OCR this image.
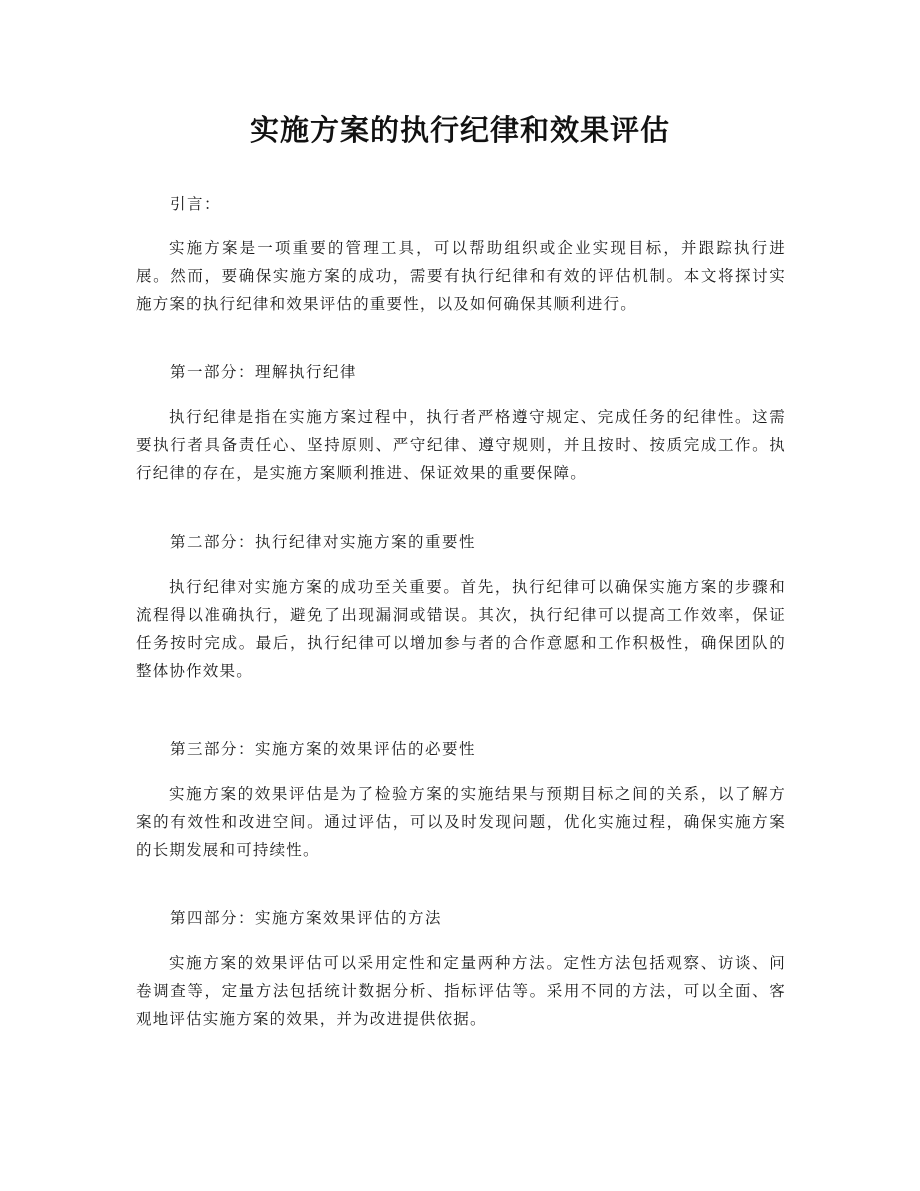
实施方案的执行纪律和效果评估
引言：
实施方案是一项重要的管理工具，可以帮助组织或企业实现目标，并跟踪执行进展。然而，要确保实施方案的成功，需要有执行纪律和有效的评估机制。本文将探讨实施方案的执行纪律和效果评估的重要性，以及如何确保其顺利进行。
第一部分：理解执行纪律
执行纪律是指在实施方案过程中，执行者严格遵守规定、完成任务的纪律性。这需要执行者具备责任心、坚持原则、严守纪律、遵守规则，并且按时、按质完成工作。执行纪律的存在，是实施方案顺利推进、保证效果的重要保障。
第二部分：执行纪律对实施方案的重要性
执行纪律对实施方案的成功至关重要。首先，执行纪律可以确保实施方案的步骤和流程得以准确执行，避免了出现漏洞或错误。其次，执行纪律可以提高工作效率，保证任务按时完成。最后，执行纪律可以增加参与者的合作意愿和工作积极性，确保团队的整体协作效果。
第三部分：实施方案的效果评估的必要性
实施方案的效果评估是为了检验方案的实施结果与预期目标之间的关系，以了解方案的有效性和改进空间。通过评估，可以及时发现问题，优化实施过程，确保实施方案的长期发展和可持续性。
第四部分：实施方案效果评估的方法
实施方案的效果评估可以采用定性和定量两种方法。定性方法包括观察、访谈、问卷调查等，定量方法包括统计数据分析、指标评估等。采用不同的方法，可以全面、客观地评估实施方案的效果，并为改进提供依据。
